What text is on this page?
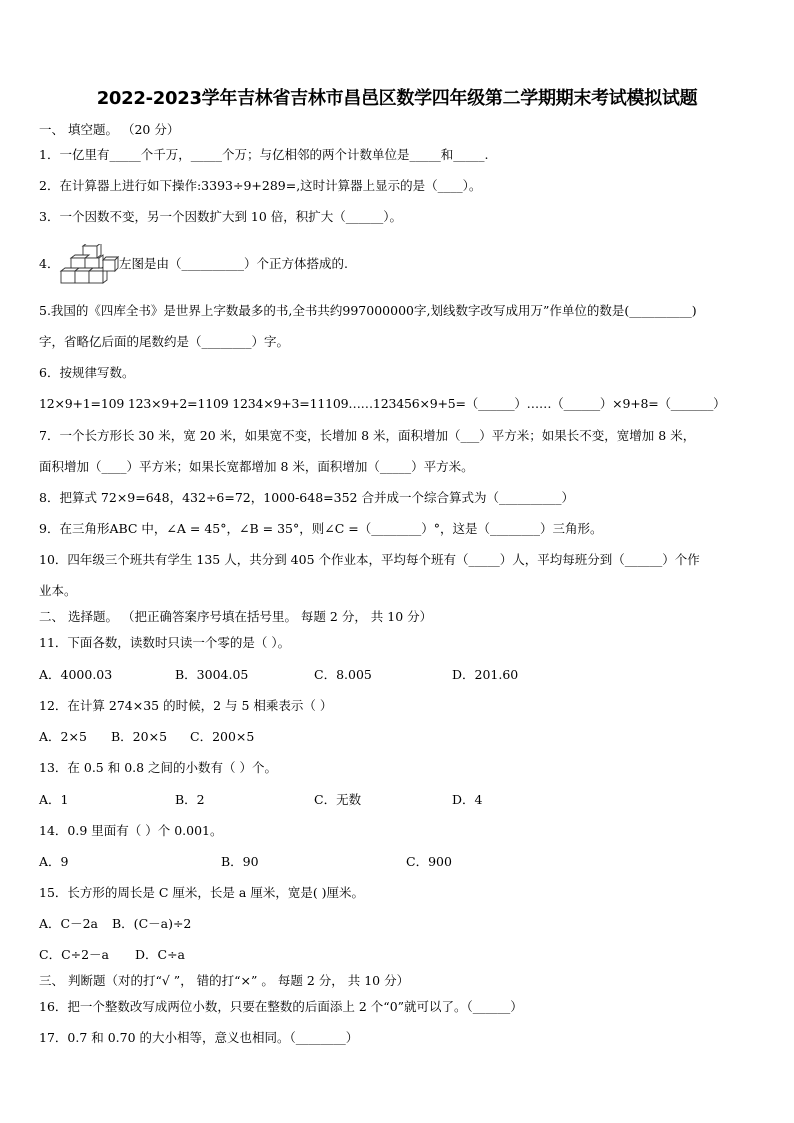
2022-2023学年吉林省吉林市昌邑区数学四年级第二学期期末考试模拟试题
一、 填空题。 （20 分）
1．一亿里有_____个千万，_____个万；与亿相邻的两个计数单位是_____和_____.
2．在计算器上进行如下操作:3393÷9+289=,这时计算器上显示的是（____）。
3．一个因数不变，另一个因数扩大到 10 倍，积扩大（______）。
4．	左图是由（__________）个正方体搭成的.
5.我国的《四库全书》是世界上字数最多的书,全书共约997000000字,划线数字改写成用万”作单位的数是(__________)
字，省略亿后面的尾数约是（________）字。
6．按规律写数。
12×9+1=109 123×9+2=1109 1234×9+3=11109……123456×9+5=（______）……（______）×9+8=（_______）
7．一个长方形长 30 米，宽 20 米，如果宽不变，长增加 8 米，面积增加（___）平方米；如果长不变，宽增加 8 米，
面积增加（____）平方米；如果长宽都增加 8 米，面积增加（_____）平方米。
8．把算式 72×9=648，432÷6=72，1000-648=352 合并成一个综合算式为（__________）
9．在三角形ABC 中，∠A = 45°，∠B = 35°，则∠C =（________）°，这是（________）三角形。
10．四年级三个班共有学生 135 人，共分到 405 个作业本，平均每个班有（_____）人，平均每班分到（______）个作
业本。
二、 选择题。 （把正确答案序号填在括号里。 每题 2 分， 共 10 分）
11．下面各数，读数时只读一个零的是（ ）。
A．4000.03	B．3004.05	C．8.005	D．201.60
12．在计算 274×35 的时候，2 与 5 相乘表示（ ）
A．2×5 B．20×5 C．200×5
13．在 0.5 和 0.8 之间的小数有（ ）个。
A．1	B．2	C．无数	D．4
14．0.9 里面有（ ）个 0.001。
A．9	B．90	C．900
15．长方形的周长是 C 厘米，长是 a 厘米，宽是( )厘米。
A．C－2a B．(C－a)÷2
C．C÷2－a D．C÷a
三、 判断题（对的打“√ ”， 错的打“×” 。 每题 2 分， 共 10 分）
16．把一个整数改写成两位小数，只要在整数的后面添上 2 个“0”就可以了。（______）
17．0.7 和 0.70 的大小相等，意义也相同。（________）
